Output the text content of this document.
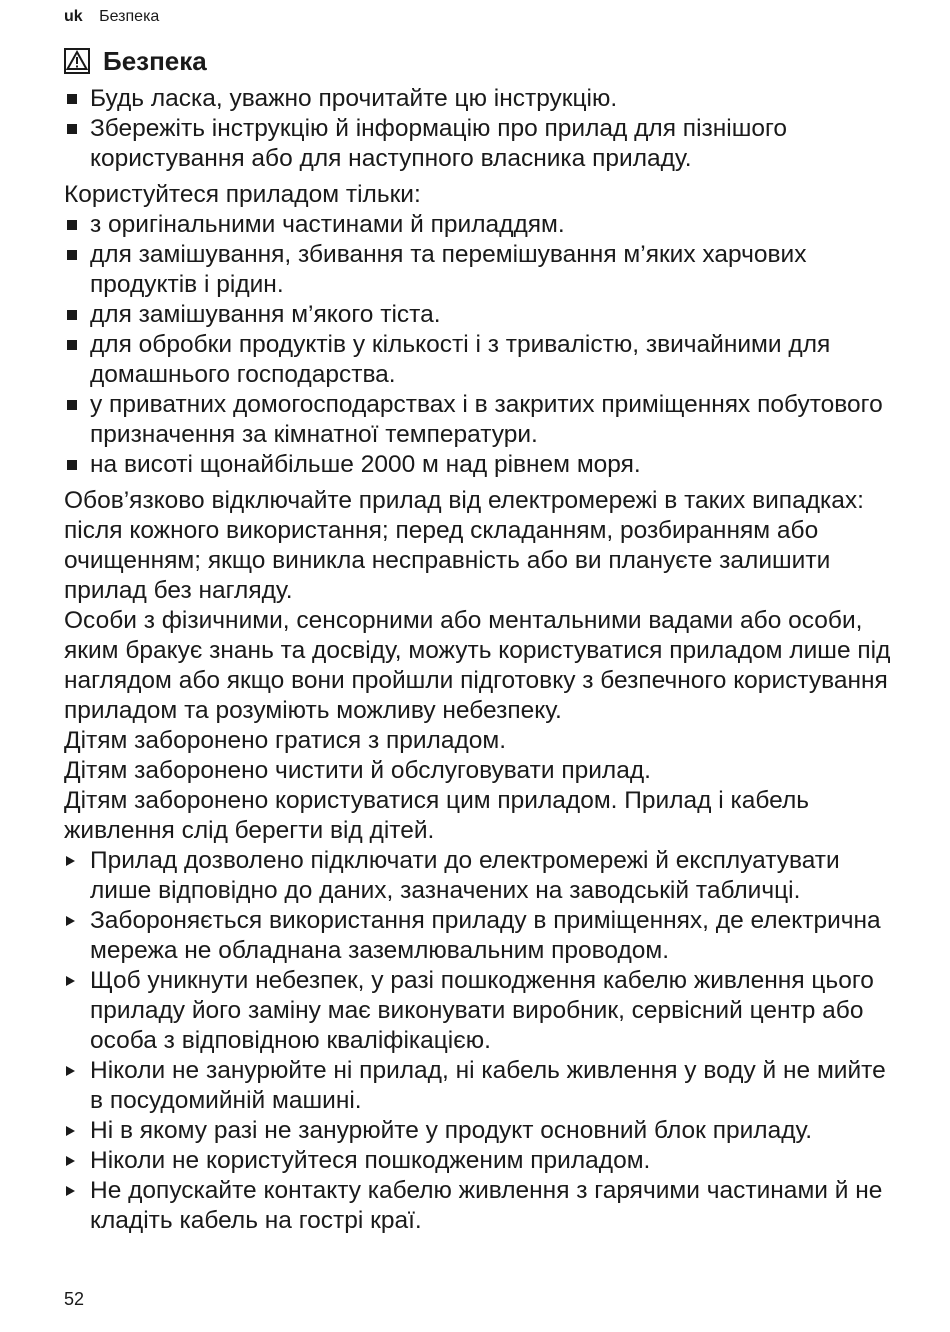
uk Безпека
Безпека
Будь ласка, уважно прочитайте цю інструкцію.
Збережіть інструкцію й інформацію про прилад для пізнішого користування або для наступного власника приладу.

Користуйтеся приладом тільки:

з оригінальними частинами й приладдям.
для замішування, збивання та перемішування м’яких харчових продуктів і рідин.
для замішування м’якого тіста.
для обробки продуктів у кількості і з тривалістю, звичайними для домашнього господарства.
у приватних домогосподарствах і в закритих приміщеннях побутового призначення за кімнатної температури.
на висоті щонайбільше 2000 м над рівнем моря.

Обов’язково відключайте прилад від електромережі в таких випадках: після кожного використання; перед складанням, розбиранням або очищенням; якщо виникла несправність або ви плануєте залишити прилад без нагляду.

Особи з фізичними, сенсорними або ментальними вадами або особи, яким бракує знань та досвіду, можуть користуватися приладом лише під наглядом або якщо вони пройшли підготовку з безпечного користування приладом та розуміють можливу небезпеку.

Дітям заборонено гратися з приладом.

Дітям заборонено чистити й обслуговувати прилад.

Дітям заборонено користуватися цим приладом. Прилад і кабель живлення слід берегти від дітей.

Прилад дозволено підключати до електромережі й експлуатувати лише відповідно до даних, зазначених на заводській табличці.
Забороняється використання приладу в приміщеннях, де електрична мережа не обладнана заземлювальним проводом.
Щоб уникнути небезпек, у разі пошкодження кабелю живлення цього приладу його заміну має виконувати виробник, сервісний центр або особа з відповідною кваліфікацією.
Ніколи не занурюйте ні прилад, ні кабель живлення у воду й не мийте в посудомийній машині.
Ні в якому разі не занурюйте у продукт основний блок приладу.
Ніколи не користуйтеся пошкодженим приладом.
Не допускайте контакту кабелю живлення з гарячими частинами й не кладіть кабель на гострі краї.
52
